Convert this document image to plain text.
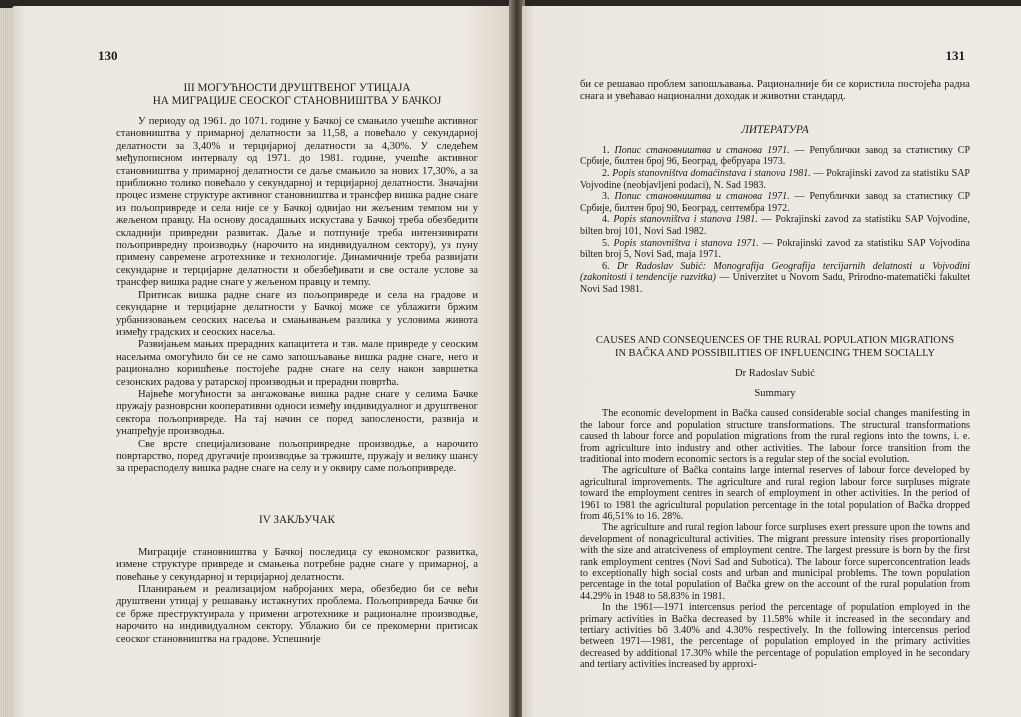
130
III МОГУЋНОСТИ ДРУШТВЕНОГ УТИЦАЈА
НА МИГРАЦИЈЕ СЕОСКОГ СТАНОВНИШТВА У БАЧКОЈ
У периоду од 1961. до 1071. године у Бачкој се смањило учешће активног становништва у примарној делатности за 11,58, а повећало у секундарној делатности за 3,40% и терцијарној делатности за 4,30%. У следећем међупописном интервалу од 1971. до 1981. године, учешће активног становништва у примарној делатности се даље смањило за нових 17,30%, а за приближно толико повећало у секундарној и терцијарној делатности. Значајни процес измене структуре активног становништва и трансфер вишка радне снаге из пољопривреде и села није се у Бачкој одвијао ни жељеним темпом ни у жељеном правцу. На основу досадашњих искустава у Бачкој треба обезбедити складнији привредни развитак. Даље и потпуније треба интензивирати пољопривредну производњу (нарочито на индивидуалном сектору), уз пуну примену савремене агротехнике и технологије. Динамичније треба развијати секундарне и терцијарне делатности и обезбеђивати и све остале услове за трансфер вишка радне снаге у жељеном правцу и темпу.
Притисак вишка радне снаге из пољопривреде и села на градове и секундарне и терцијарне делатности у Бачкој може се ублажити бржим урбанизовањем сеоских насеља и смањивањем разлика у условима живота између градских и сеоских насеља.
Развијањем мањих прерадних капацитета и тзв. мале привреде у сеоским насељима омогућило би се не само запошљавање вишка радне снаге, него и рационално коришћење постојеће радне снаге на селу након завршетка сезонских радова у ратарској производњи и прерадни повртћа.
Највеће могућности за ангажовање вишка радне снаге у селима Бачке пружају разноврсни кооперативни односи између индивидуалног и друштвеног сектора пољопривреде. На тај начин се поред запослености, развија и унапређује производња.
Све врсте специјализоване пољопривредне производње, а нарочито повртарство, поред другачије производње за тржиште, пружају и велику шансу за прерасподелу вишка радне снаге на селу и у оквиру саме пољопривреде.
IV ЗАКЉУЧАК
Миграције становништва у Бачкој последица су економског развитка, измене структуре привреде и смањења потребне радне снаге у примарној, а повећање у секундарној и терцијарној делатности.
Планирањем и реализацијом набројаних мера, обезбедио би се већи друштвени утицај у решавању истакнутих проблема. Пољопривреда Бачке би се брже преструктуирала у примени агротехнике и рационалне производње, нарочито на индивидуалном сектору. Ублажио би се прекомерни притисак сеоског становништва на градове. Успешније
131
би се решавао проблем запошљавања. Рационалније би се користила постојећа радна снага и увећавао национални доходак и животни стандард.
ЛИТЕРАТУРА
1. Попис становништва и станова 1971. — Републички завод за статистику СР Србије, билтен број 96, Београд, фебруара 1973.
2. Popis stanovništva domaćinstava i stanova 1981. — Pokrajinski zavod za statistiku SAP Vojvodine (neobjavljeni podaci), N. Sad 1983.
3. Попис становништва и станова 1971. — Републички завод за статистику СР Србије, билтен број 90, Београд, септембра 1972.
4. Popis stanovništva i stanova 1981. — Pokrajinski zavod za statistiku SAP Vojvodine, bilten broj 101, Novi Sad 1982.
5. Popis stanovništva i stanova 1971. — Pokrajinski zavod za statistiku SAP Vojvodina bilten broj 5, Novi Sad, maja 1971.
6. Dr Radoslav Subić: Monografija Geografija tercijarnih delatnosti u Vojvodini (zakonitosti i tendencije razvitka) — Univerzitet u Novom Sadu, Prirodno-matematički fakultet Novi Sad 1981.
CAUSES AND CONSEQUENCES OF THE RURAL POPULATION MIGRATIONS
IN BAČKA AND POSSIBILITIES OF INFLUENCING THEM SOCIALLY
Dr Radoslav Subić
Summary
The economic development in Bačka caused considerable social changes manifesting in the labour force and population structure transformations. The structural transformations caused th labour force and population migrations from the rural regions into the towns, i. e. from agriculture into industry and other activities. The labour force transition from the traditional into modern economic sectors is a regular step of the social evolution.
The agriculture of Bačka contains large internal reserves of labour force developed by agricultural improvements. The agriculture and rural region labour force surpluses migrate toward the employment centres in search of employment in other activities. In the period of 1961 to 1981 the agricultural population percentage in the total population of Bačka dropped from 46,51% to 16. 28%.
The agriculture and rural region labour force surpluses exert pressure upon the towns and development of nonagricultural activities. The migrant pressure intensity rises proportionally with the size and atratciveness of employment centre. The largest pressure is born by the first rank employment centres (Novi Sad and Subotica). The labour force superconcentration leads to exceptionally high social costs and urban and municipal problems. The town population percentage in the total population of Bačka grew on the account of the rural population from 44.29% in 1948 to 58.83% in 1981.
In the 1961—1971 intercensus period the percentage of population employed in the primary activities in Bačka decreased by 11.58% while it increased in the secondary and tertiary activities bõ 3.40% and 4.30% respectively. In the following intercensus period between 1971—1981, the percentage of population employed in the primary activities decreased by additional 17.30% while the percentage of population employed in he secondary and tertiary activities increased by approxi-
